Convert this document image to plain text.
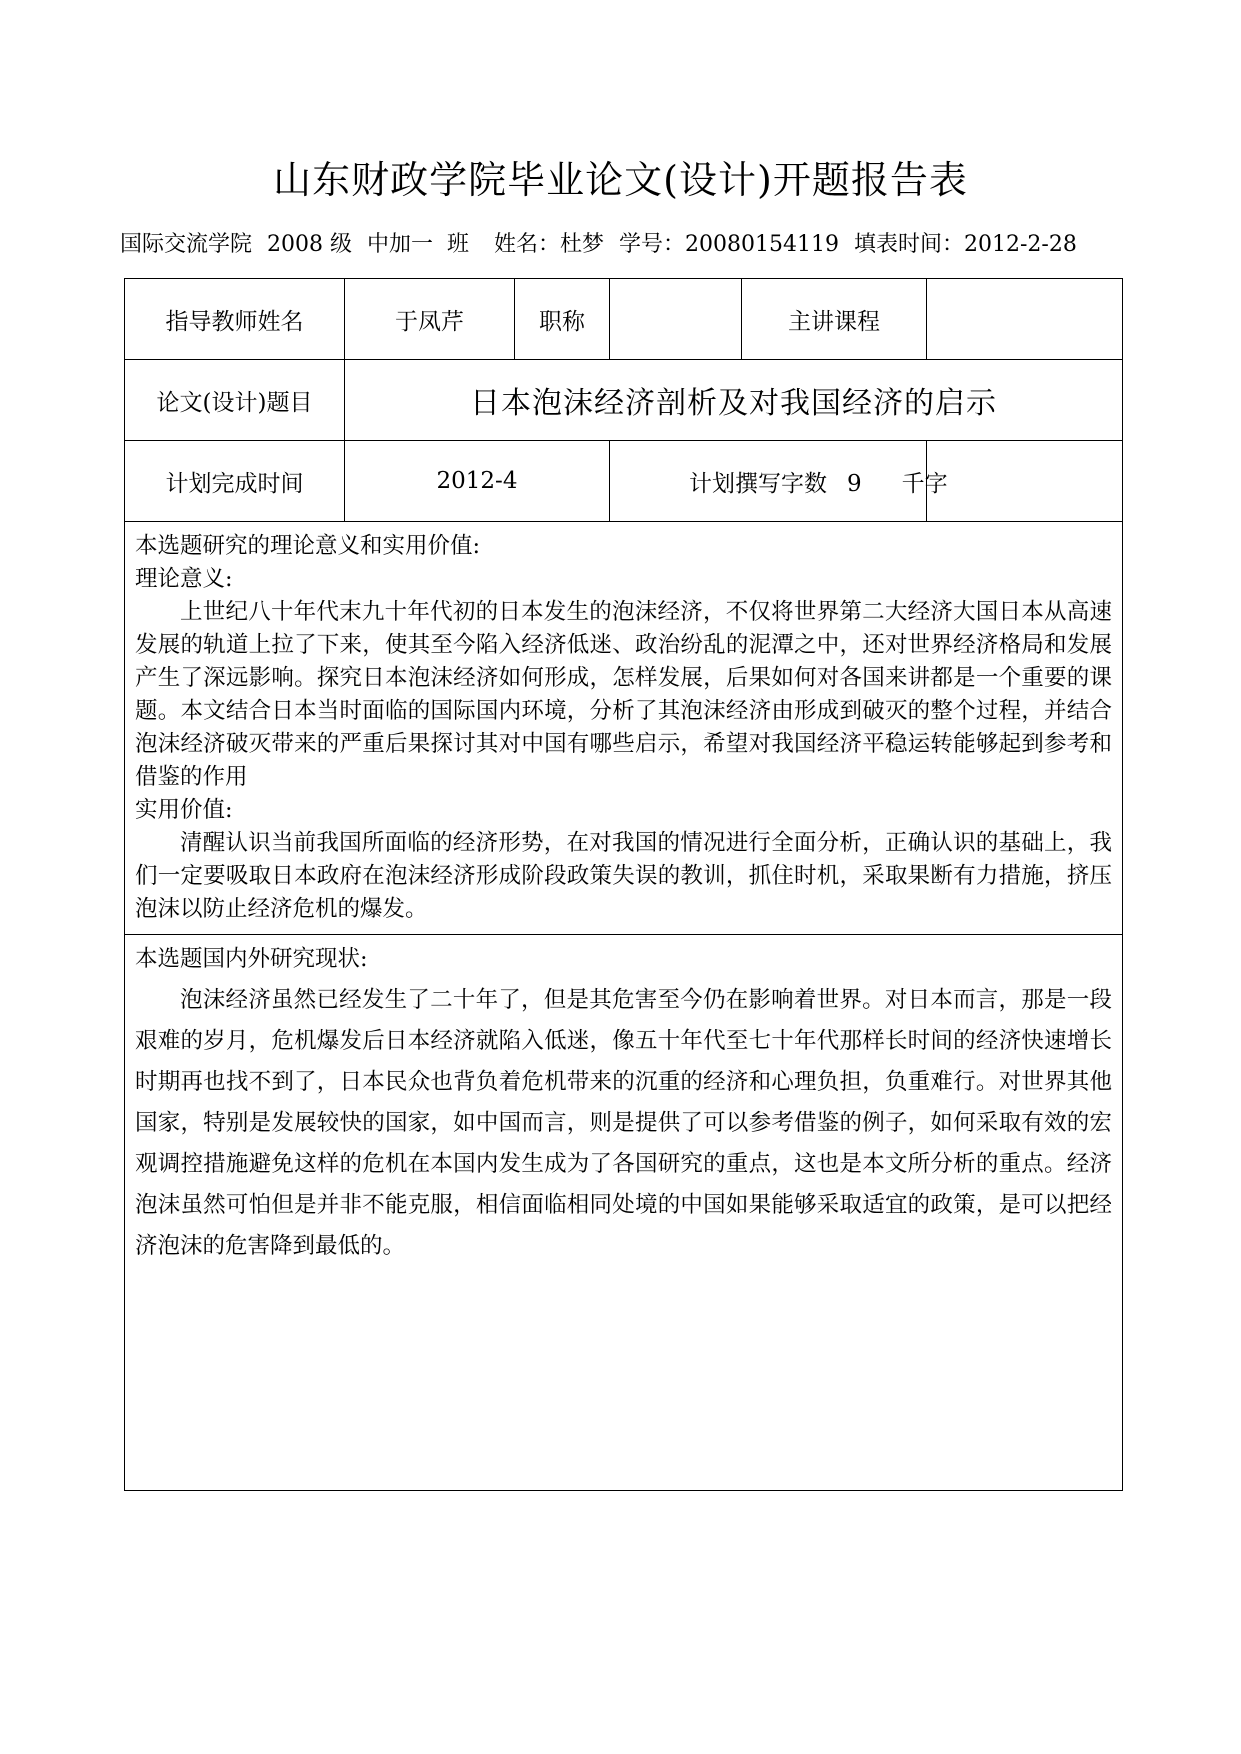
山东财政学院毕业论文(设计)开题报告表
国际交流学院 2008 级 中加一  班 姓名：杜梦 学号：20080154119 填表时间：2012-2-28
指导教师姓名	于凤芹	职称		主讲课程	
论文(设计)题目	日本泡沫经济剖析及对我国经济的启示				
计划完成时间	2012-4		计划撰写字数		9 千字

本选题研究的理论意义和实用价值:
理论意义:
上世纪八十年代末九十年代初的日本发生的泡沫经济，不仅将世界第二大经济大国日本从高速发展的轨道上拉了下来，使其至今陷入经济低迷、政治纷乱的泥潭之中，还对世界经济格局和发展产生了深远影响。探究日本泡沫经济如何形成，怎样发展，后果如何对各国来讲都是一个重要的课题。本文结合日本当时面临的国际国内环境，分析了其泡沫经济由形成到破灭的整个过程，并结合泡沫经济破灭带来的严重后果探讨其对中国有哪些启示，希望对我国经济平稳运转能够起到参考和借鉴的作用
实用价值:
清醒认识当前我国所面临的经济形势，在对我国的情况进行全面分析，正确认识的基础上，我们一定要吸取日本政府在泡沫经济形成阶段政策失误的教训，抓住时机，采取果断有力措施，挤压泡沫以防止经济危机的爆发。					

本选题国内外研究现状:
泡沫经济虽然已经发生了二十年了，但是其危害至今仍在影响着世界。对日本而言，那是一段艰难的岁月，危机爆发后日本经济就陷入低迷，像五十年代至七十年代那样长时间的经济快速增长时期再也找不到了，日本民众也背负着危机带来的沉重的经济和心理负担，负重难行。对世界其他国家，特别是发展较快的国家，如中国而言，则是提供了可以参考借鉴的例子，如何采取有效的宏观调控措施避免这样的危机在本国内发生成为了各国研究的重点，这也是本文所分析的重点。经济泡沫虽然可怕但是并非不能克服，相信面临相同处境的中国如果能够采取适宜的政策，是可以把经济泡沫的危害降到最低的。					
